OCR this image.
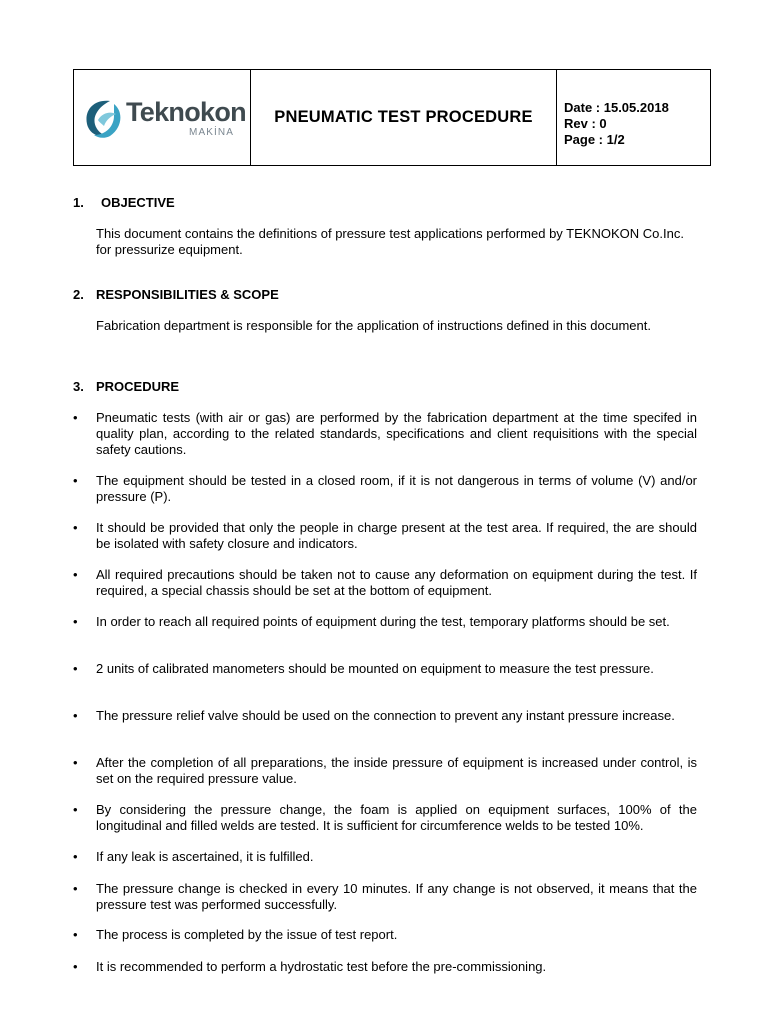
Teknokon
MAKİNA
PNEUMATIC TEST PROCEDURE
Date : 15.05.2018
Rev : 0
Page : 1/2
1. OBJECTIVE
This document contains the definitions of pressure test applications performed by TEKNOKON Co.Inc. for pressurize equipment.
2. RESPONSIBILITIES & SCOPE
Fabrication department is responsible for the application of instructions defined in this document.
3. PROCEDURE
•	Pneumatic tests (with air or gas) are performed by the fabrication department at the time specifed in quality plan, according to the related standards, specifications and client requisitions with the special safety cautions.
•	The equipment should be tested in a closed room, if it is not dangerous in terms of volume (V) and/or pressure (P).
•	It should be provided that only the people in charge present at the test area. If required, the are should be isolated with safety closure and indicators.
•	All required precautions should be taken not to cause any deformation on equipment during the test. If required, a special chassis should be set at the bottom of equipment.
•	In order to reach all required points of equipment during the test, temporary platforms should be set.
•	2 units of calibrated manometers should be mounted on equipment to measure the test pressure.
•	The pressure relief valve should be used on the connection to prevent any instant pressure increase.
•	After the completion of all preparations, the inside pressure of equipment is increased under control, is set on the required pressure value.
•	By considering the pressure change, the foam is applied on equipment surfaces, 100% of the longitudinal and filled welds are tested. It is sufficient for circumference welds to be tested 10%.
•	If any leak is ascertained, it is fulfilled.
•	The pressure change is checked in every 10 minutes. If any change is not observed, it means that the pressure test was performed successfully.
•	The process is completed by the issue of test report.
•	It is recommended to perform a hydrostatic test before the pre-commissioning.
